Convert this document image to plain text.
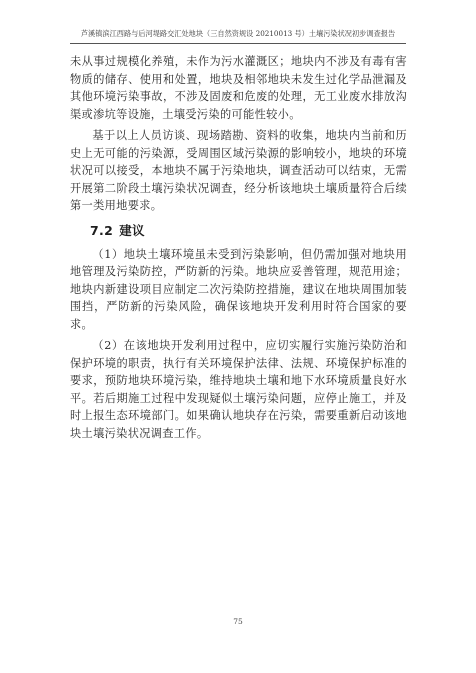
芦溪镇滨江西路与后河堤路交汇处地块（三自然资规设 20210013 号）土壤污染状况初步调查报告

未从事过规模化养殖，未作为污水灌溉区；地块内不涉及有毒有害物质的储存、使用和处置，地块及相邻地块未发生过化学品泄漏及其他环境污染事故，不涉及固废和危废的处理，无工业废水排放沟渠或渗坑等设施，土壤受污染的可能性较小。

基于以上人员访谈、现场踏勘、资料的收集，地块内当前和历史上无可能的污染源，受周围区域污染源的影响较小，地块的环境状况可以接受，本地块不属于污染地块，调查活动可以结束，无需开展第二阶段土壤污染状况调查，经分析该地块土壤质量符合后续第一类用地要求。

7.2 建议

（1）地块土壤环境虽未受到污染影响，但仍需加强对地块用地管理及污染防控，严防新的污染。地块应妥善管理，规范用途；地块内新建设项目应制定二次污染防控措施，建议在地块周围加装围挡，严防新的污染风险，确保该地块开发利用时符合国家的要求。

（2）在该地块开发利用过程中，应切实履行实施污染防治和保护环境的职责，执行有关环境保护法律、法规、环境保护标准的要求，预防地块环境污染，维持地块土壤和地下水环境质量良好水平。若后期施工过程中发现疑似土壤污染问题，应停止施工，并及时上报生态环境部门。如果确认地块存在污染，需要重新启动该地块土壤污染状况调查工作。

75
